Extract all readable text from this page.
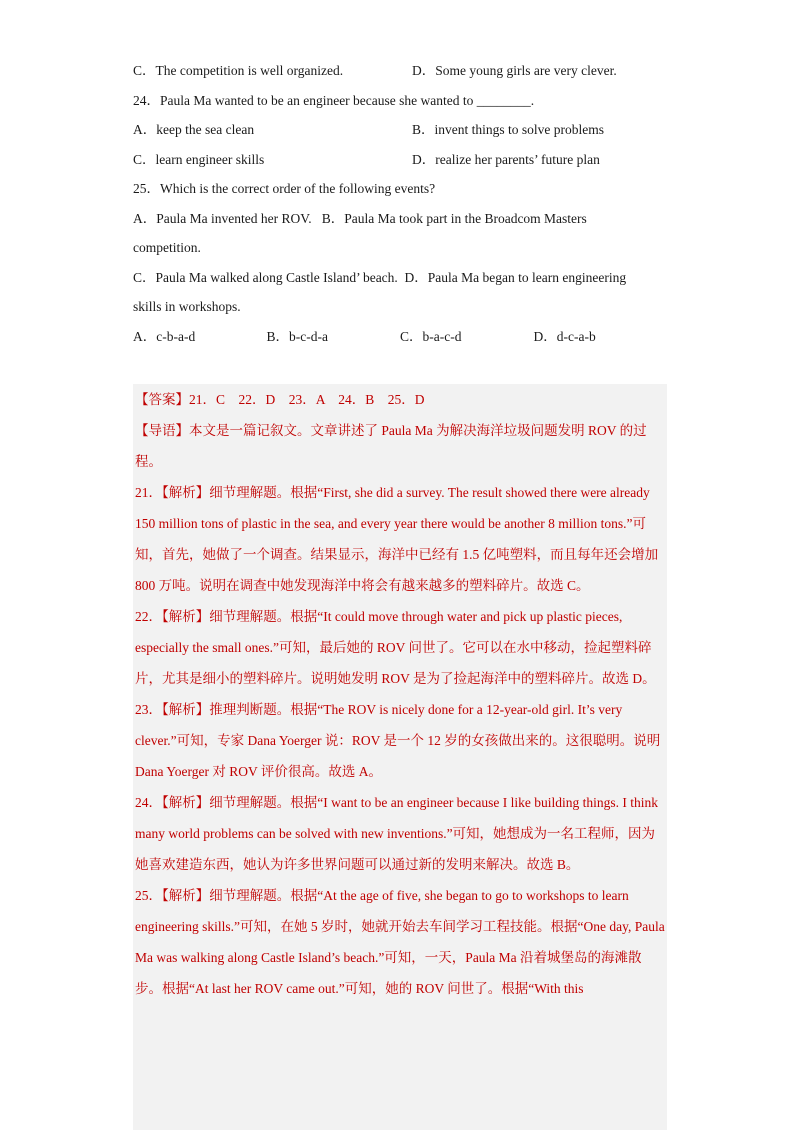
C．The competition is well organized.	D．Some young girls are very clever.
24．Paula Ma wanted to be an engineer because she wanted to ________.
A．keep the sea clean	B．invent things to solve problems
C．learn engineer skills	D．realize her parents’ future plan
25．Which is the correct order of the following events?
A．Paula Ma invented her ROV.   B．Paula Ma took part in the Broadcom Masters
competition.
C．Paula Ma walked along Castle Island’ beach.  D．Paula Ma began to learn engineering
skills in workshops.
A．c-b-a-d	B．b-c-d-a	C．b-a-c-d	D．d-c-a-b
【答案】21．C    22．D    23．A    24．B    25．D
【导语】本文是一篇记叙文。文章讲述了 Paula Ma 为解决海洋垃圾问题发明 ROV 的过程。
21．【解析】细节理解题。根据“First, she did a survey. The result showed there were already 150 million tons of plastic in the sea, and every year there would be another 8 million tons.”可知，首先，她做了一个调查。结果显示，海洋中已经有 1.5 亿吨塑料，而且每年还会增加 800 万吨。说明在调查中她发现海洋中将会有越来越多的塑料碎片。故选 C。
22．【解析】细节理解题。根据“It could move through water and pick up plastic pieces, especially the small ones.”可知，最后她的 ROV 问世了。它可以在水中移动，捡起塑料碎片，尤其是细小的塑料碎片。说明她发明 ROV 是为了捡起海洋中的塑料碎片。故选 D。
23．【解析】推理判断题。根据“The ROV is nicely done for a 12-year-old girl. It’s very clever.”可知，专家 Dana Yoerger 说：ROV 是一个 12 岁的女孩做出来的。这很聪明。说明 Dana Yoerger 对 ROV 评价很高。故选 A。
24．【解析】细节理解题。根据“I want to be an engineer because I like building things. I think many world problems can be solved with new inventions.”可知，她想成为一名工程师，因为她喜欢建造东西，她认为许多世界问题可以通过新的发明来解决。故选 B。
25．【解析】细节理解题。根据“At the age of five, she began to go to workshops to learn engineering skills.”可知，在她 5 岁时，她就开始去车间学习工程技能。根据“One day, Paula Ma was walking along Castle Island’s beach.”可知，一天，Paula Ma 沿着城堡岛的海滩散步。根据“At last her ROV came out.”可知，她的 ROV 问世了。根据“With this
